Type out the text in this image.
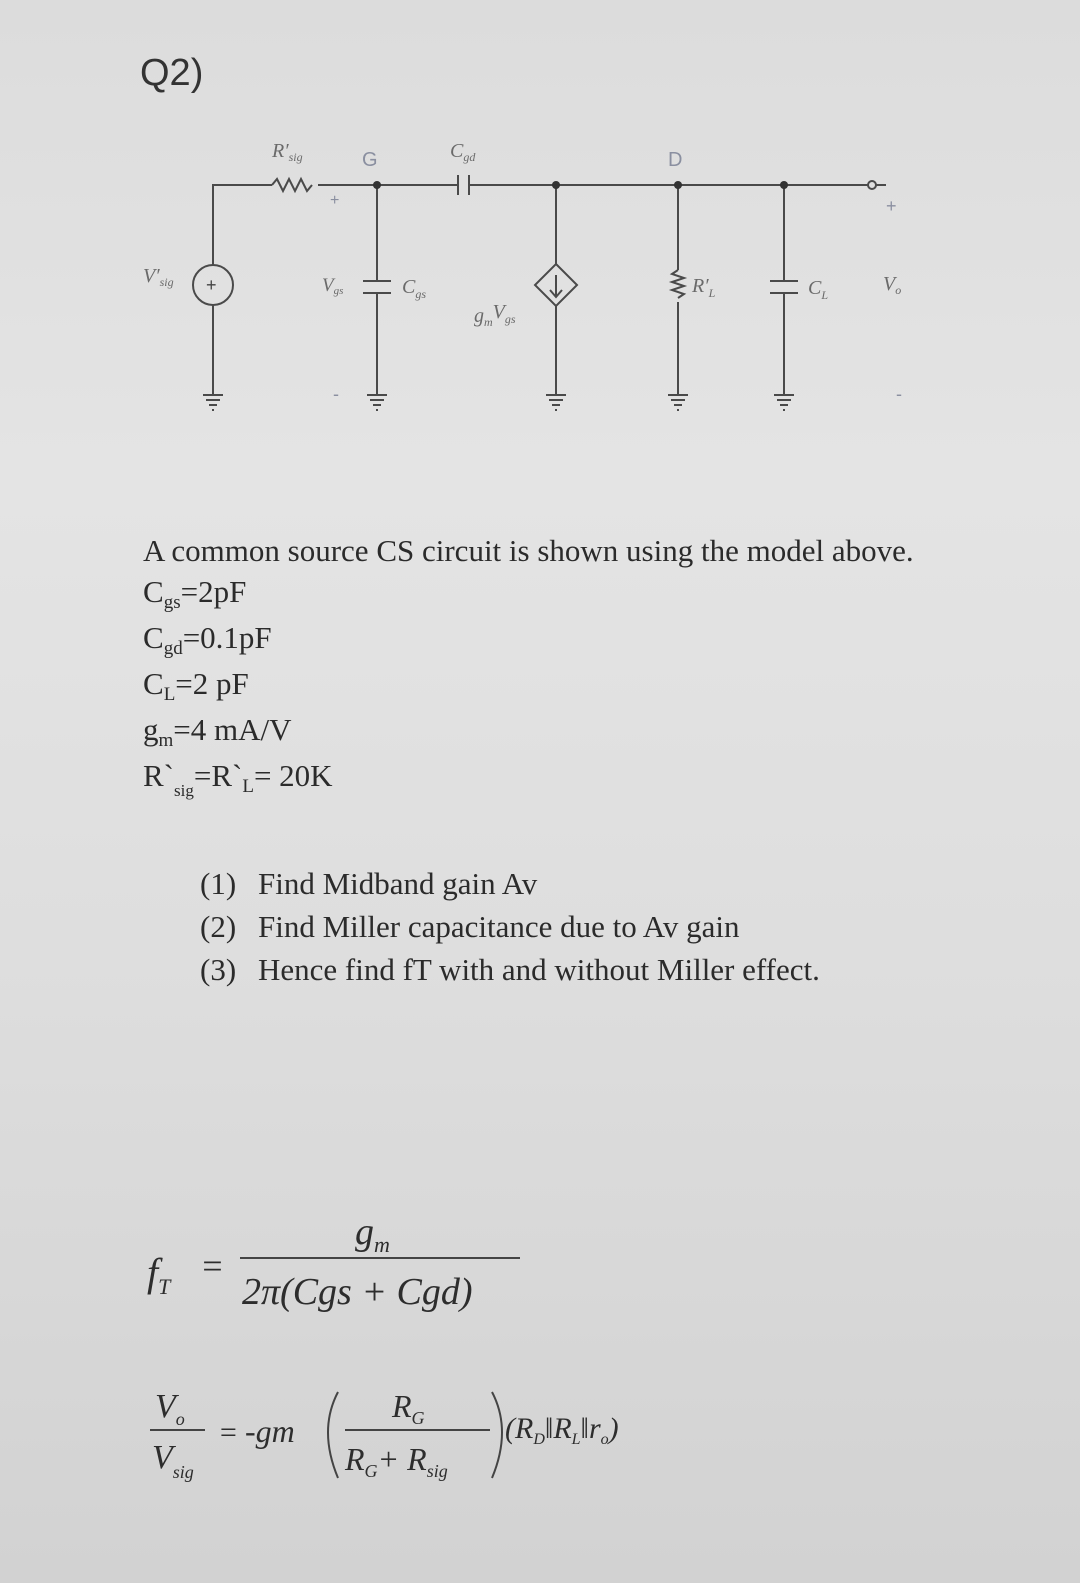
Q2)
+
$R'_{sig}$	G
+
$C_{gd}$	D
$V'_{sig}$	Vgs	$C_{gs}$
$g_mV_{gs}$
$R'_L$	$C_L$	$V_o$
+
-	-
A common source CS circuit is shown using the model above.
Cgs=2pF
Cgd=0.1pF
CL=2 pF
gm=4 mA/V
$R`_{sig}=R`L= 20K$
(1) Find Midband gain Av
(2) Find Miller capacitance due to Av gain
(3) Hence find fT with and without Miller effect.
$f_T$
=
$g_m$
2π(Cgs + Cgd)
$V_o$
$V_{sig}$
= -gm
$R_G$
$R_G+ R_{sig}$
$(R_D‖R_L‖r_o)$
